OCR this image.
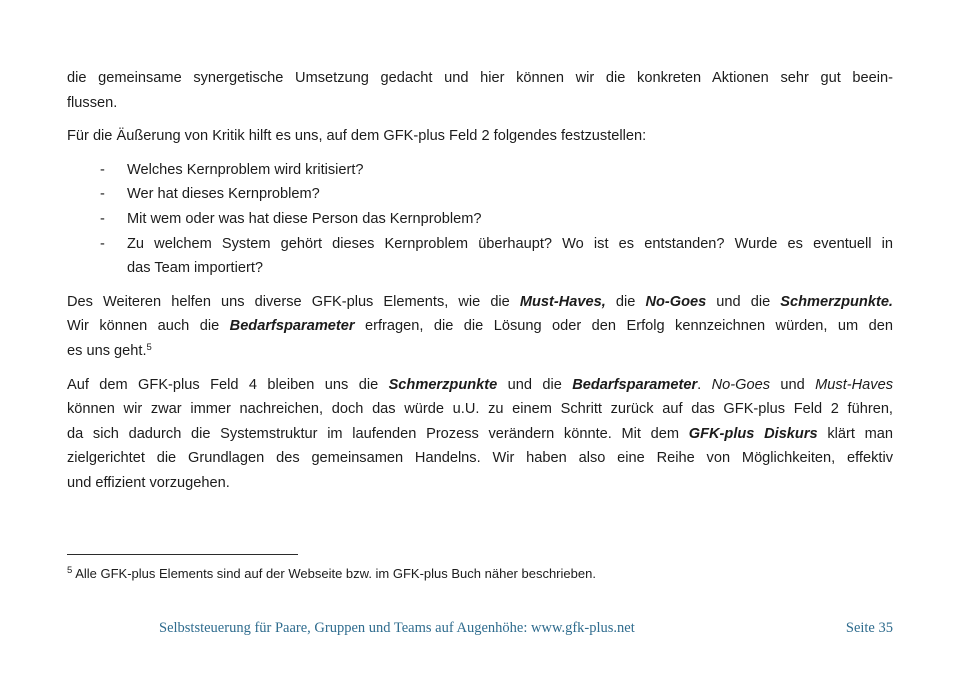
die gemeinsame synergetische Umsetzung gedacht und hier können wir die konkreten Aktionen sehr gut beein-
flussen.
Für die Äußerung von Kritik hilft es uns, auf dem GFK-plus Feld 2 folgendes festzustellen:
- Welches Kernproblem wird kritisiert?
- Wer hat dieses Kernproblem?
- Mit wem oder was hat diese Person das Kernproblem?
- Zu welchem System gehört dieses Kernproblem überhaupt? Wo ist es entstanden? Wurde es eventuell in
das Team importiert?
Des Weiteren helfen uns diverse GFK-plus Elements, wie die Must-Haves, die No-Goes und die Schmerzpunkte.
Wir können auch die Bedarfsparameter erfragen, die die Lösung oder den Erfolg kennzeichnen würden, um den
es uns geht.$^5$
Auf dem GFK-plus Feld 4 bleiben uns die Schmerzpunkte und die Bedarfsparameter. No-Goes und Must-Haves
können wir zwar immer nachreichen, doch das würde u.U. zu einem Schritt zurück auf das GFK-plus Feld 2 führen,
da sich dadurch die Systemstruktur im laufenden Prozess verändern könnte. Mit dem GFK-plus Diskurs klärt man
zielgerichtet die Grundlagen des gemeinsamen Handelns. Wir haben also eine Reihe von Möglichkeiten, effektiv
und effizient vorzugehen.
$^5$ Alle GFK-plus Elements sind auf der Webseite bzw. im GFK-plus Buch näher beschrieben.
Selbststeuerung für Paare, Gruppen und Teams auf Augenhöhe: www.gfk-plus.net	Seite 35
